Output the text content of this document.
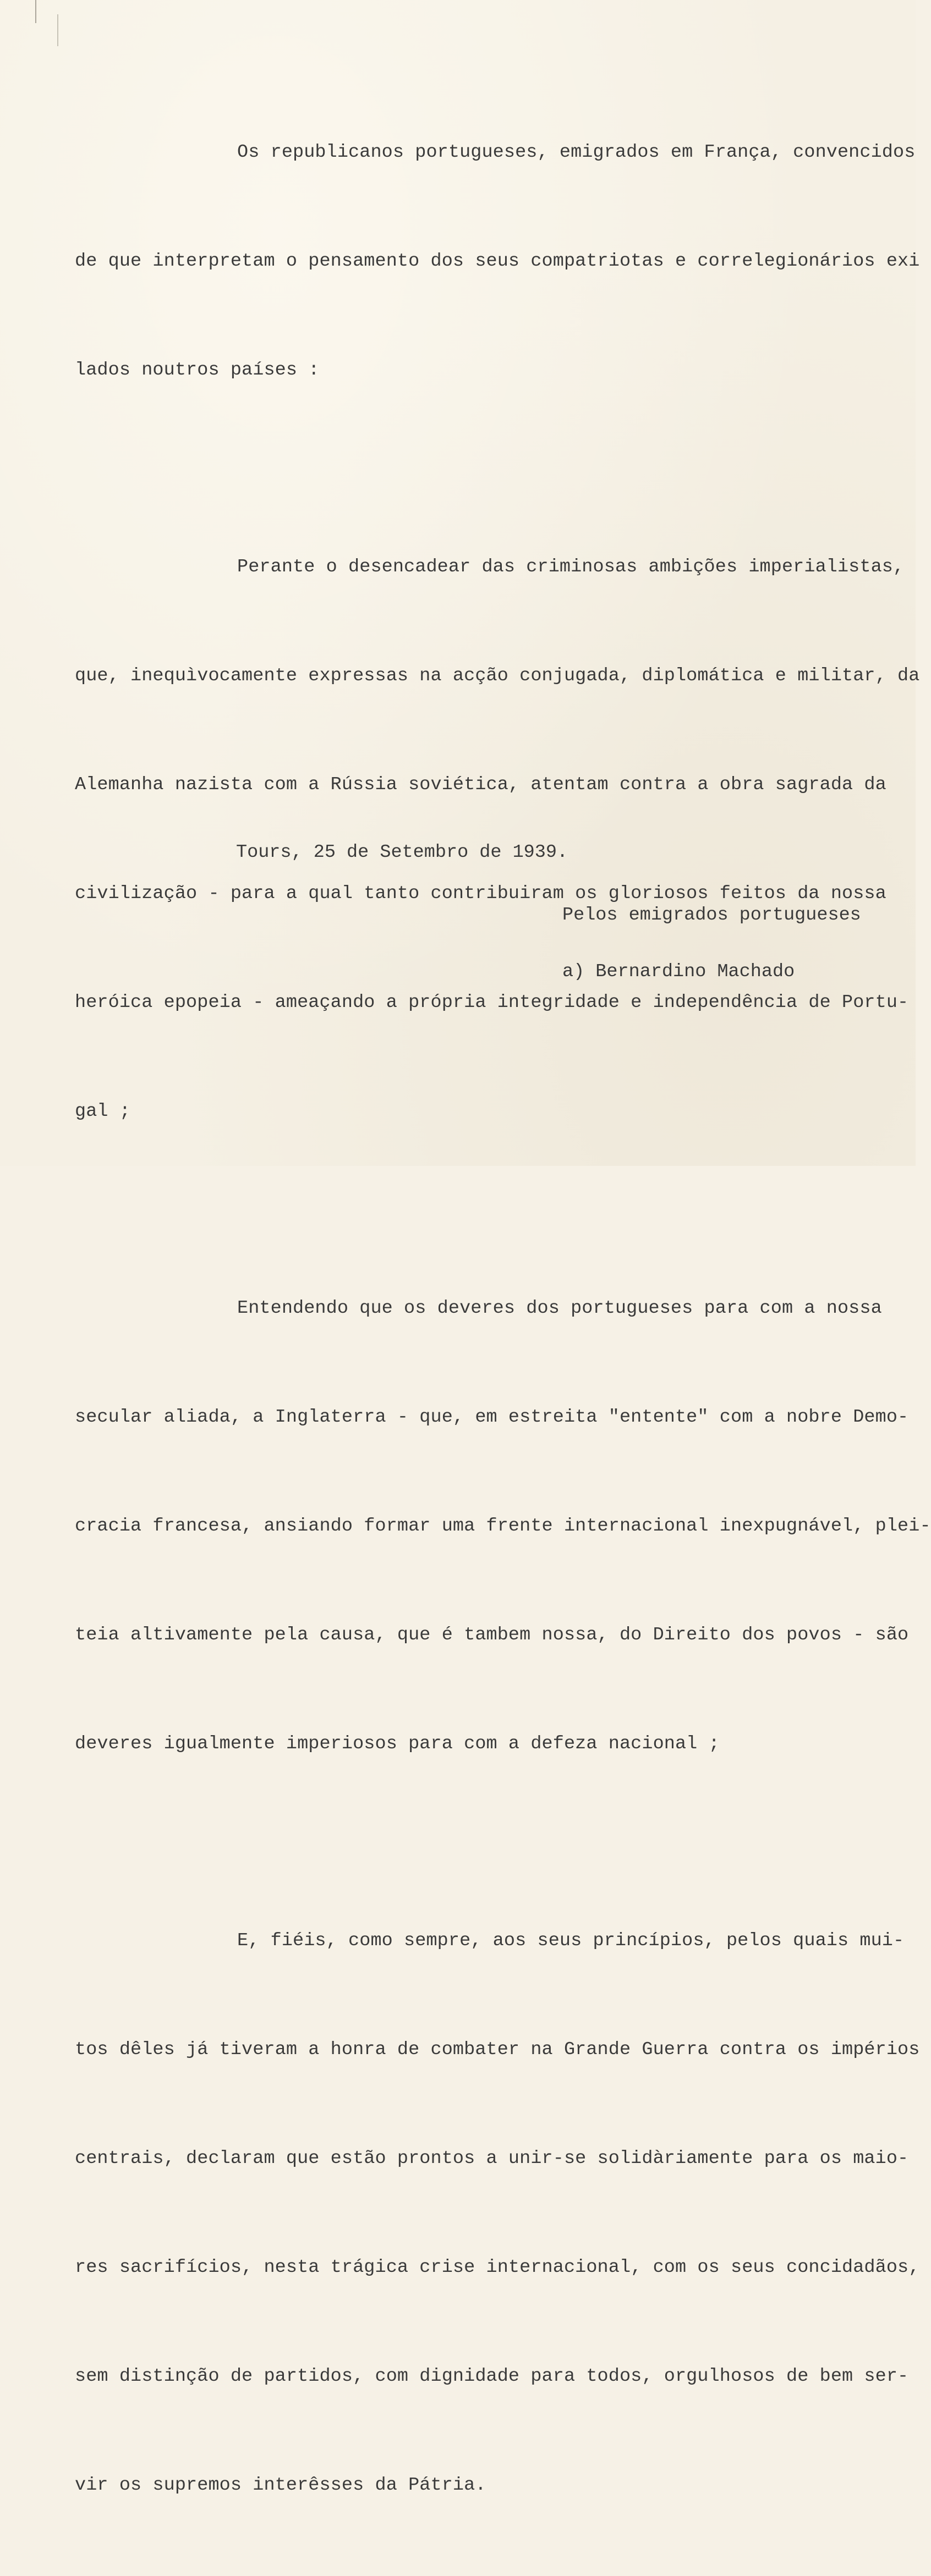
Os republicanos portugueses, emigrados em França, convencidos

de que interpretam o pensamento dos seus compatriotas e correlegionários exi

lados noutros países :

Perante o desencadear das criminosas ambições imperialistas,

que, inequìvocamente expressas na acção conjugada, diplomática e militar, da

Alemanha nazista com a Rússia soviética, atentam contra a obra sagrada da

civilização - para a qual tanto contribuiram os gloriosos feitos da nossa

heróica epopeia - ameaçando a própria integridade e independência de Portu-

gal ;

Entendendo que os deveres dos portugueses para com a nossa

secular aliada, a Inglaterra - que, em estreita "entente" com a nobre Demo-

cracia francesa, ansiando formar uma frente internacional inexpugnável, plei-

teia altivamente pela causa, que é tambem nossa, do Direito dos povos - são

deveres igualmente imperiosos para com a defeza nacional ;

E, fiéis, como sempre, aos seus princípios, pelos quais mui-

tos dêles já tiveram a honra de combater na Grande Guerra contra os impérios

centrais, declaram que estão prontos a unir-se solidàriamente para os maio-

res sacrifícios, nesta trágica crise internacional, com os seus concidadãos,

sem distinção de partidos, com dignidade para todos, orgulhosos de bem ser-

vir os supremos interêsses da Pátria.

Tours, 25 de Setembro de 1939.
Pelos emigrados portugueses
a) Bernardino Machado
